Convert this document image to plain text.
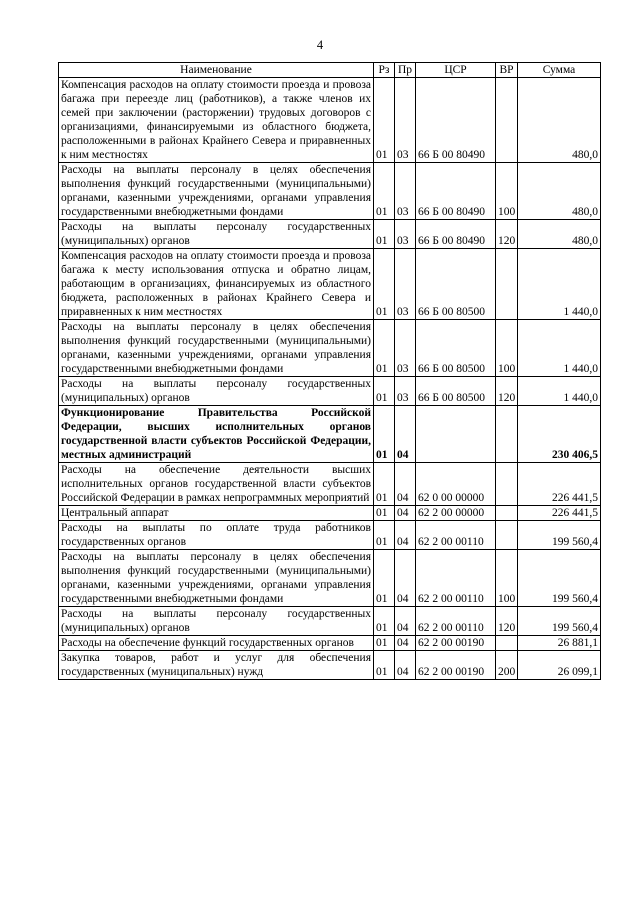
4
Наименование	Рз	Пр	ЦСР	ВР	Сумма
Компенсация расходов на оплату стоимости проезда и провоза багажа при переезде лиц (работников), а также членов их семей при заключении (расторжении) трудовых договоров с организациями, финансируемыми из областного бюджета, расположенными в районах Крайнего Севера и приравненных к ним местностях	01	03	66 Б 00 80490		480,0
Расходы на выплаты персоналу в целях обеспечения выполнения функций государственными (муниципальными) органами, казенными учреждениями, органами управления государственными внебюджетными фондами	01	03	66 Б 00 80490	100	480,0
Расходы на выплаты персоналу государственных (муниципальных) органов	01	03	66 Б 00 80490	120	480,0
Компенсация расходов на оплату стоимости проезда и провоза багажа к месту использования отпуска и обратно лицам, работающим в организациях, финансируемых из областного бюджета, расположенных в районах Крайнего Севера и приравненных к ним местностях	01	03	66 Б 00 80500		1 440,0
Расходы на выплаты персоналу в целях обеспечения выполнения функций государственными (муниципальными) органами, казенными учреждениями, органами управления государственными внебюджетными фондами	01	03	66 Б 00 80500	100	1 440,0
Расходы на выплаты персоналу государственных (муниципальных) органов	01	03	66 Б 00 80500	120	1 440,0
Функционирование Правительства Российской Федерации, высших исполнительных органов государственной власти субъектов Российской Федерации, местных администраций	01	04			230 406,5
Расходы на обеспечение деятельности высших исполнительных органов государственной власти субъектов Российской Федерации в рамках непрограммных мероприятий	01	04	62 0 00 00000		226 441,5
Центральный аппарат	01	04	62 2 00 00000		226 441,5
Расходы на выплаты по оплате труда работников государственных органов	01	04	62 2 00 00110		199 560,4
Расходы на выплаты персоналу в целях обеспечения выполнения функций государственными (муниципальными) органами, казенными учреждениями, органами управления государственными внебюджетными фондами	01	04	62 2 00 00110	100	199 560,4
Расходы на выплаты персоналу государственных (муниципальных) органов	01	04	62 2 00 00110	120	199 560,4
Расходы на обеспечение функций государственных органов	01	04	62 2 00 00190		26 881,1
Закупка товаров, работ и услуг для обеспечения государственных (муниципальных) нужд	01	04	62 2 00 00190	200	26 099,1
